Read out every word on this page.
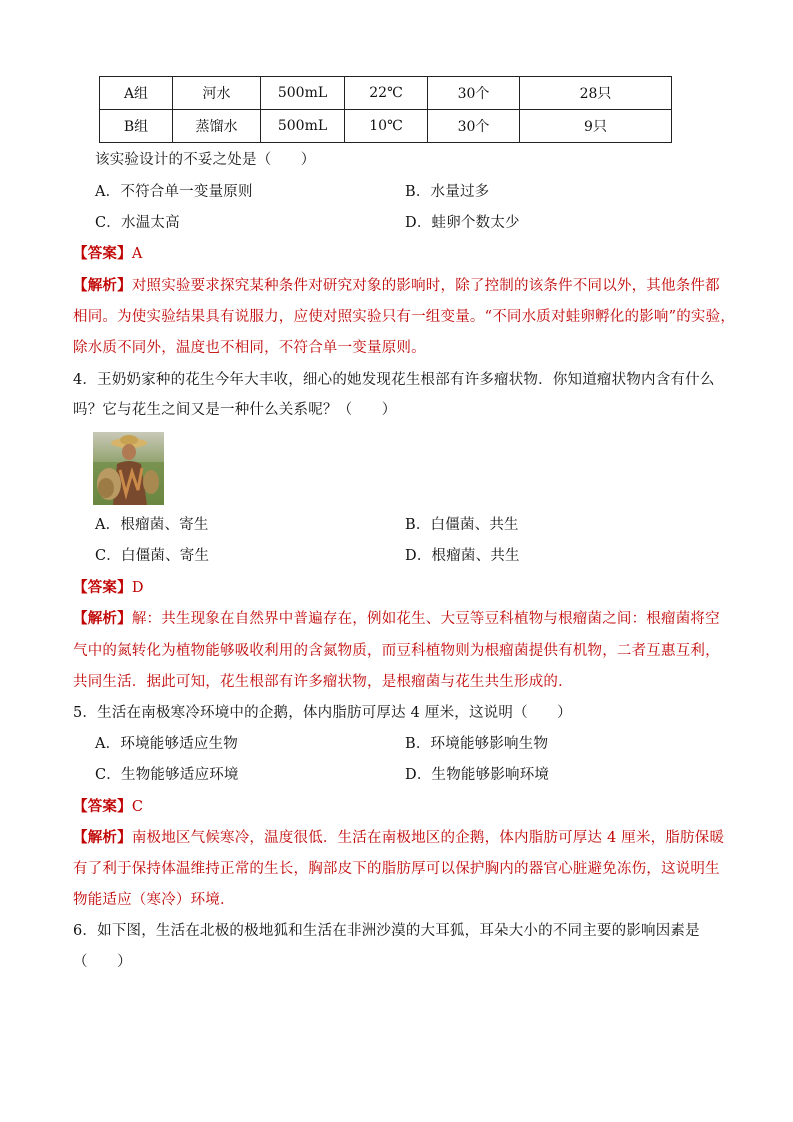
A组	河水	500mL	22℃	30个	28只
B组	蒸馏水	500mL	10℃	30个	9只
该实验设计的不妥之处是（　　）
A．不符合单一变量原则	B．水量过多
C．水温太高	D．蛙卵个数太少
【答案】A
【解析】对照实验要求探究某种条件对研究对象的影响时，除了控制的该条件不同以外，其他条件都
相同。为使实验结果具有说服力，应使对照实验只有一组变量。“不同水质对蛙卵孵化的影响”的实验，
除水质不同外，温度也不相同，不符合单一变量原则。
4．王奶奶家种的花生今年大丰收，细心的她发现花生根部有许多瘤状物．你知道瘤状物内含有什么
吗？它与花生之间又是一种什么关系呢？（　　）
A．根瘤菌、寄生	B．白僵菌、共生
C．白僵菌、寄生	D．根瘤菌、共生
【答案】D
【解析】解：共生现象在自然界中普遍存在，例如花生、大豆等豆科植物与根瘤菌之间：根瘤菌将空
气中的氮转化为植物能够吸收利用的含氮物质，而豆科植物则为根瘤菌提供有机物，二者互惠互利，
共同生活．据此可知，花生根部有许多瘤状物，是根瘤菌与花生共生形成的．
5．生活在南极寒冷环境中的企鹅，体内脂肪可厚达 4 厘米，这说明（　　）
A．环境能够适应生物	B．环境能够影响生物
C．生物能够适应环境	D．生物能够影响环境
【答案】C
【解析】南极地区气候寒冷，温度很低．生活在南极地区的企鹅，体内脂肪可厚达 4 厘米，脂肪保暖
有了利于保持体温维持正常的生长，胸部皮下的脂肪厚可以保护胸内的器官心脏避免冻伤，这说明生
物能适应（寒冷）环境．
6．如下图，生活在北极的极地狐和生活在非洲沙漠的大耳狐，耳朵大小的不同主要的影响因素是
（　　）
